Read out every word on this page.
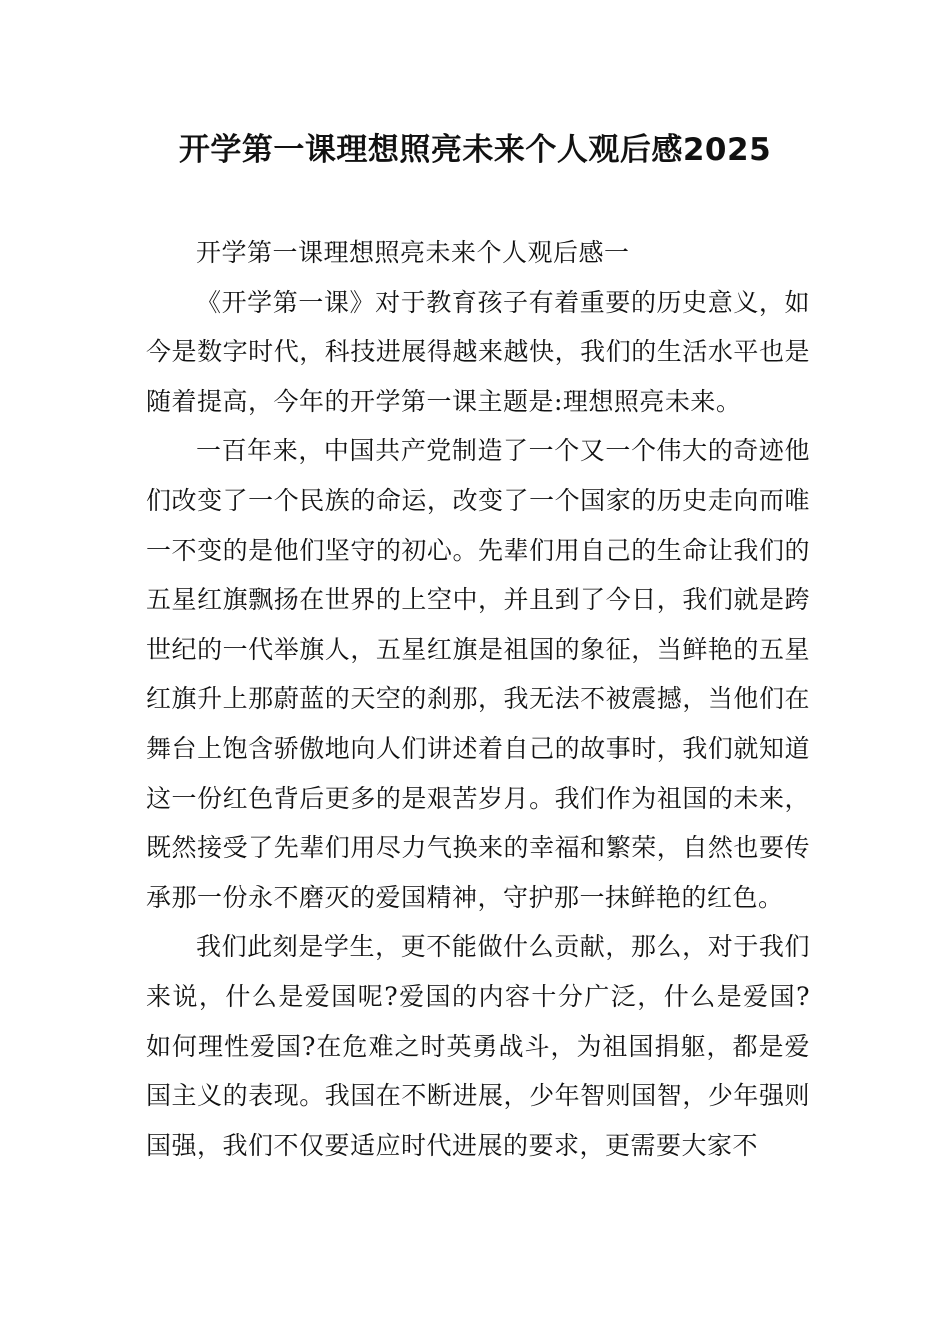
开学第一课理想照亮未来个人观后感2025

开学第一课理想照亮未来个人观后感一

《开学第一课》对于教育孩子有着重要的历史意义，如今是数字时代，科技进展得越来越快，我们的生活水平也是随着提高，今年的开学第一课主题是:理想照亮未来。

一百年来，中国共产党制造了一个又一个伟大的奇迹他们改变了一个民族的命运，改变了一个国家的历史走向而唯一不变的是他们坚守的初心。先辈们用自己的生命让我们的五星红旗飘扬在世界的上空中，并且到了今日，我们就是跨世纪的一代举旗人，五星红旗是祖国的象征，当鲜艳的五星红旗升上那蔚蓝的天空的刹那，我无法不被震撼，当他们在舞台上饱含骄傲地向人们讲述着自己的故事时，我们就知道这一份红色背后更多的是艰苦岁月。我们作为祖国的未来，既然接受了先辈们用尽力气换来的幸福和繁荣，自然也要传承那一份永不磨灭的爱国精神，守护那一抹鲜艳的红色。

我们此刻是学生，更不能做什么贡献，那么，对于我们来说，什么是爱国呢?爱国的内容十分广泛，什么是爱国?如何理性爱国?在危难之时英勇战斗，为祖国捐躯，都是爱国主义的表现。我国在不断进展，少年智则国智，少年强则国强，我们不仅要适应时代进展的要求，更需要大家不
